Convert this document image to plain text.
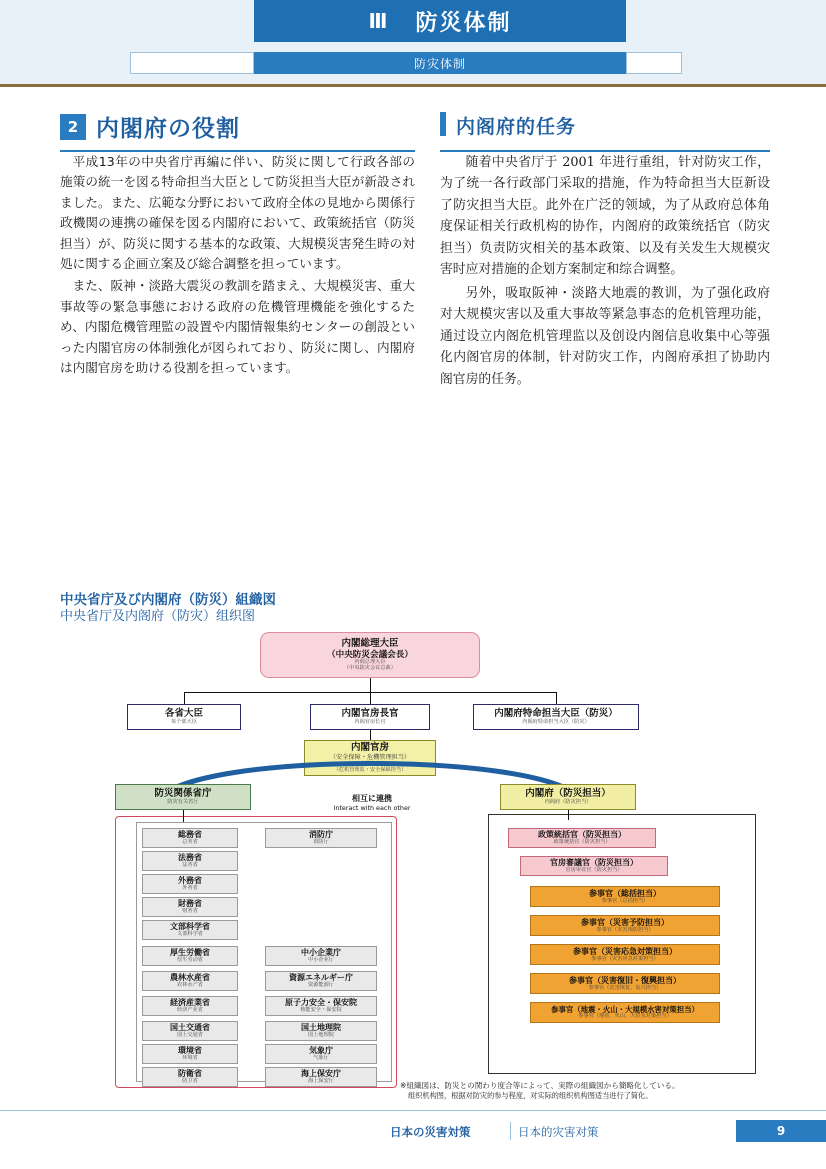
Ⅲ 防災体制
防灾体制
2 内閣府の役割

平成13年の中央省庁再編に伴い、防災に関して行政各部の施策の統一を図る特命担当大臣として防災担当大臣が新設されました。また、広範な分野において政府全体の見地から関係行政機関の連携の確保を図る内閣府において、政策統括官（防災担当）が、防災に関する基本的な政策、大規模災害発生時の対処に関する企画立案及び総合調整を担っています。

また、阪神・淡路大震災の教訓を踏まえ、大規模災害、重大事故等の緊急事態における政府の危機管理機能を強化するため、内閣危機管理監の設置や内閣情報集約センターの創設といった内閣官房の体制強化が図られており、防災に関し、内閣府は内閣官房を助ける役割を担っています。

内阁府的任务

随着中央省厅于 2001 年进行重组，针对防灾工作，为了统一各行政部门采取的措施，作为特命担当大臣新设了防灾担当大臣。此外在广泛的领域，为了从政府总体角度保证相关行政机构的协作，内阁府的政策统括官（防灾担当）负责防灾相关的基本政策、以及有关发生大规模灾害时应对措施的企划方案制定和综合调整。

另外，吸取阪神・淡路大地震的教训，为了强化政府对大规模灾害以及重大事故等紧急事态的危机管理功能，通过设立内阁危机管理监以及创设内阁信息收集中心等强化内阁官房的体制，针对防灾工作，内阁府承担了协助内阁官房的任务。

中央省庁及び内閣府（防災）組織図
中央省厅及内阁府（防灾）组织图
内閣総理大臣
（中央防災会議会長）
内阁总理大臣
（中央防灾会议总裁）
各省大臣
每个部大臣
内閣官房長官
内阁官房长官
内閣府特命担当大臣（防災）
内阁府特命担当大臣（防灾）
内閣官房
（安全保障・危機管理担当）
内阁官房
（危机管理监・安全保障担当）
相互に連携
Interact with each other
防災関係省庁
防灾有关省厅
内閣府（防災担当）
内阁府（防灾担当）
総務省
总务省
法務省
法务省
外務省
外务省
財務省
财务省
文部科学省
文部科学省
厚生労働省
厚生劳动省
農林水産省
农林水产省
経済産業省
经济产业省
国土交通省
国土交通省
環境省
环境省
防衛省
防卫省
消防庁
消防厅
中小企業庁
中小企业厅
資源エネルギー庁
资源能源厅
原子力安全・保安院
核能安全・保安院
国土地理院
国土地理院
気象庁
气象厅
海上保安庁
海上保安厅
政策統括官（防災担当）
政策统括官（防灾担当）
官房審議官（防災担当）
官房审议官（防灾担当）
参事官（総括担当）
参事官（总括担当）
参事官（災害予防担当）
参事官（灾害预防担当）
参事官（災害応急対策担当）
参事官（灾害应急对策担当）
参事官（災害復旧・復興担当）
参事官（灾害恢复、复兴担当）
参事官（地震・火山・大規模水害対策担当）
参事官（地震、火山、大洪水对策担当）
※組織図は、防災との関わり度合等によって、実際の組織図から簡略化している。
组织机构图，根据对防灾的参与程度，对实际的组织机构图适当进行了简化。
日本の災害対策	日本的灾害对策	9
